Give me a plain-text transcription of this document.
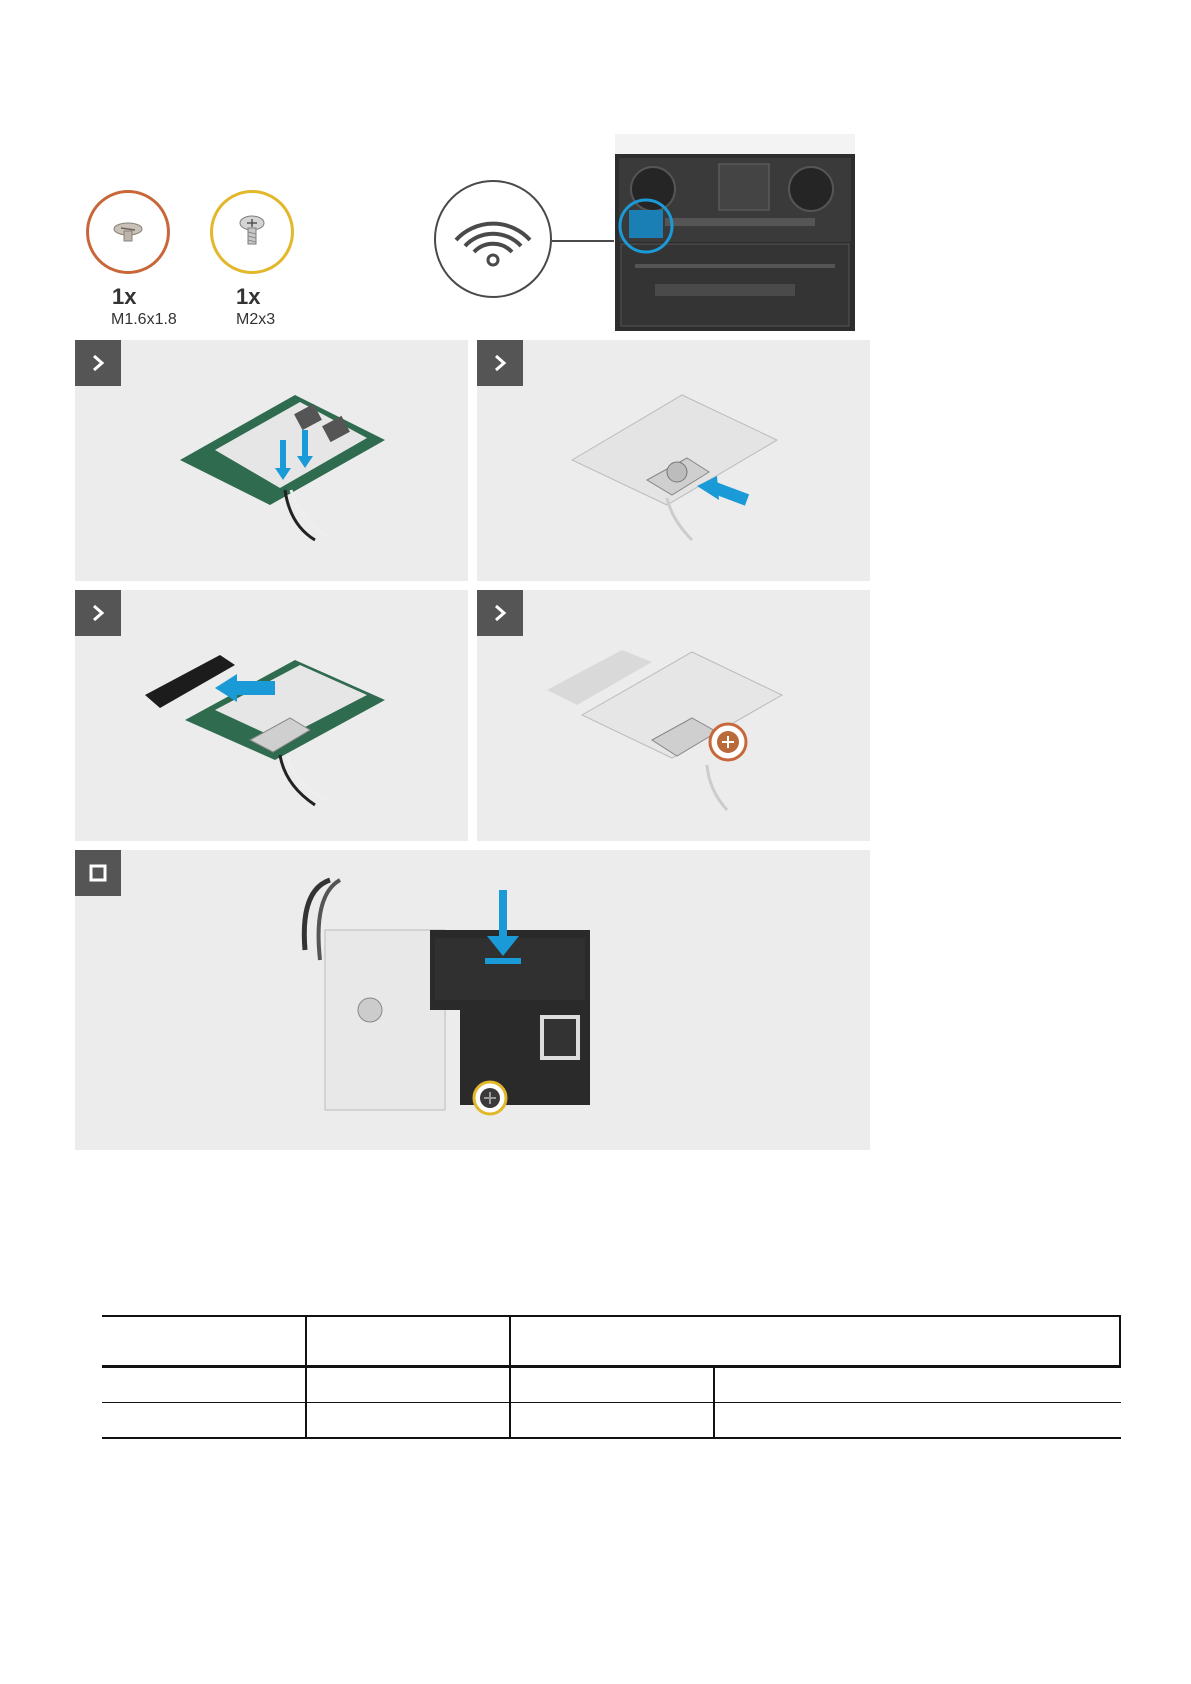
1x
M1.6x1.8
1x
M2x3
